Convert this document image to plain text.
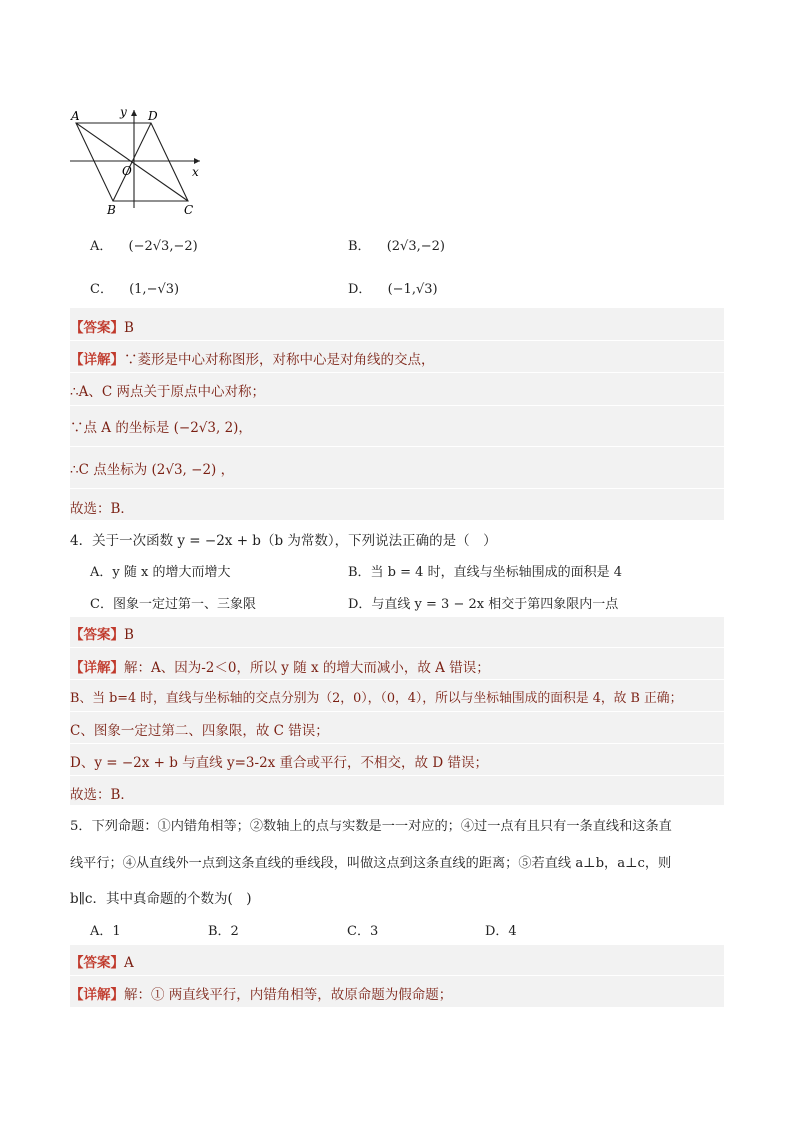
A	D
O
B	C
x
y
A． (−2√3,−2)	B． (2√3,−2)
C． (1,−√3)	D． (−1,√3)
【答案】B
【详解】∵菱形是中心对称图形，对称中心是对角线的交点，
∴A、C 两点关于原点中心对称；
∵点 A 的坐标是 (−2√3, 2)，
∴C 点坐标为 (2√3, −2) ，
故选：B．
4．关于一次函数 y = −2x + b（b 为常数），下列说法正确的是（　）
A．y 随 x 的增大而增大	B．当 b = 4 时，直线与坐标轴围成的面积是 4
C．图象一定过第一、三象限	D．与直线 y = 3 − 2x 相交于第四象限内一点
【答案】B
【详解】解：A、因为-2＜0，所以 y 随 x 的增大而减小，故 A 错误；
B、当 b=4 时，直线与坐标轴的交点分别为（2，0），（0，4），所以与坐标轴围成的面积是 4，故 B 正确；
C、图象一定过第二、四象限，故 C 错误；
D、y = −2x + b 与直线 y=3-2x 重合或平行，不相交，故 D 错误；
故选：B．
5．下列命题：①内错角相等；②数轴上的点与实数是一一对应的；④过一点有且只有一条直线和这条直
线平行；④从直线外一点到这条直线的垂线段，叫做这点到这条直线的距离；⑤若直线 a⊥b，a⊥c，则
b∥c．其中真命题的个数为(　)
A．1	B．2	C．3	D．4
【答案】A
【详解】解：① 两直线平行，内错角相等，故原命题为假命题；
